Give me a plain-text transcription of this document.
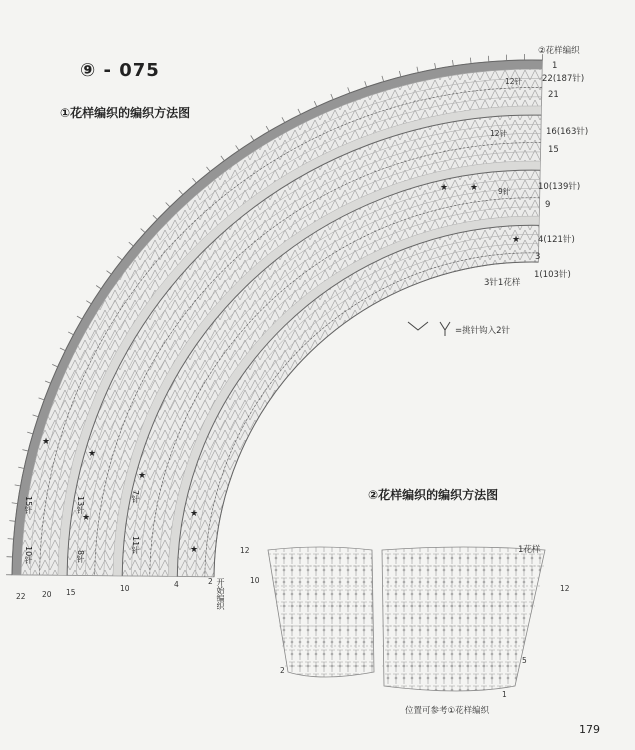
★ ★
★
★
★
★
★
★
★
⑨ - 075
①花样编织的编织方法图
②花样编织的编织方法图
②花样编织
1
22(187针)
21
16(163针)
15
10(139针)
9
4(121针)
3
1(103针)
12针
12针
9针
3针1花样
=挑针钩入2针
22 20 15	10	4	2
15针	13针	7针
10针	8针
11针
开始编织
1花样
10
2
12
12
5
1
位置可参考①花样编织
179
